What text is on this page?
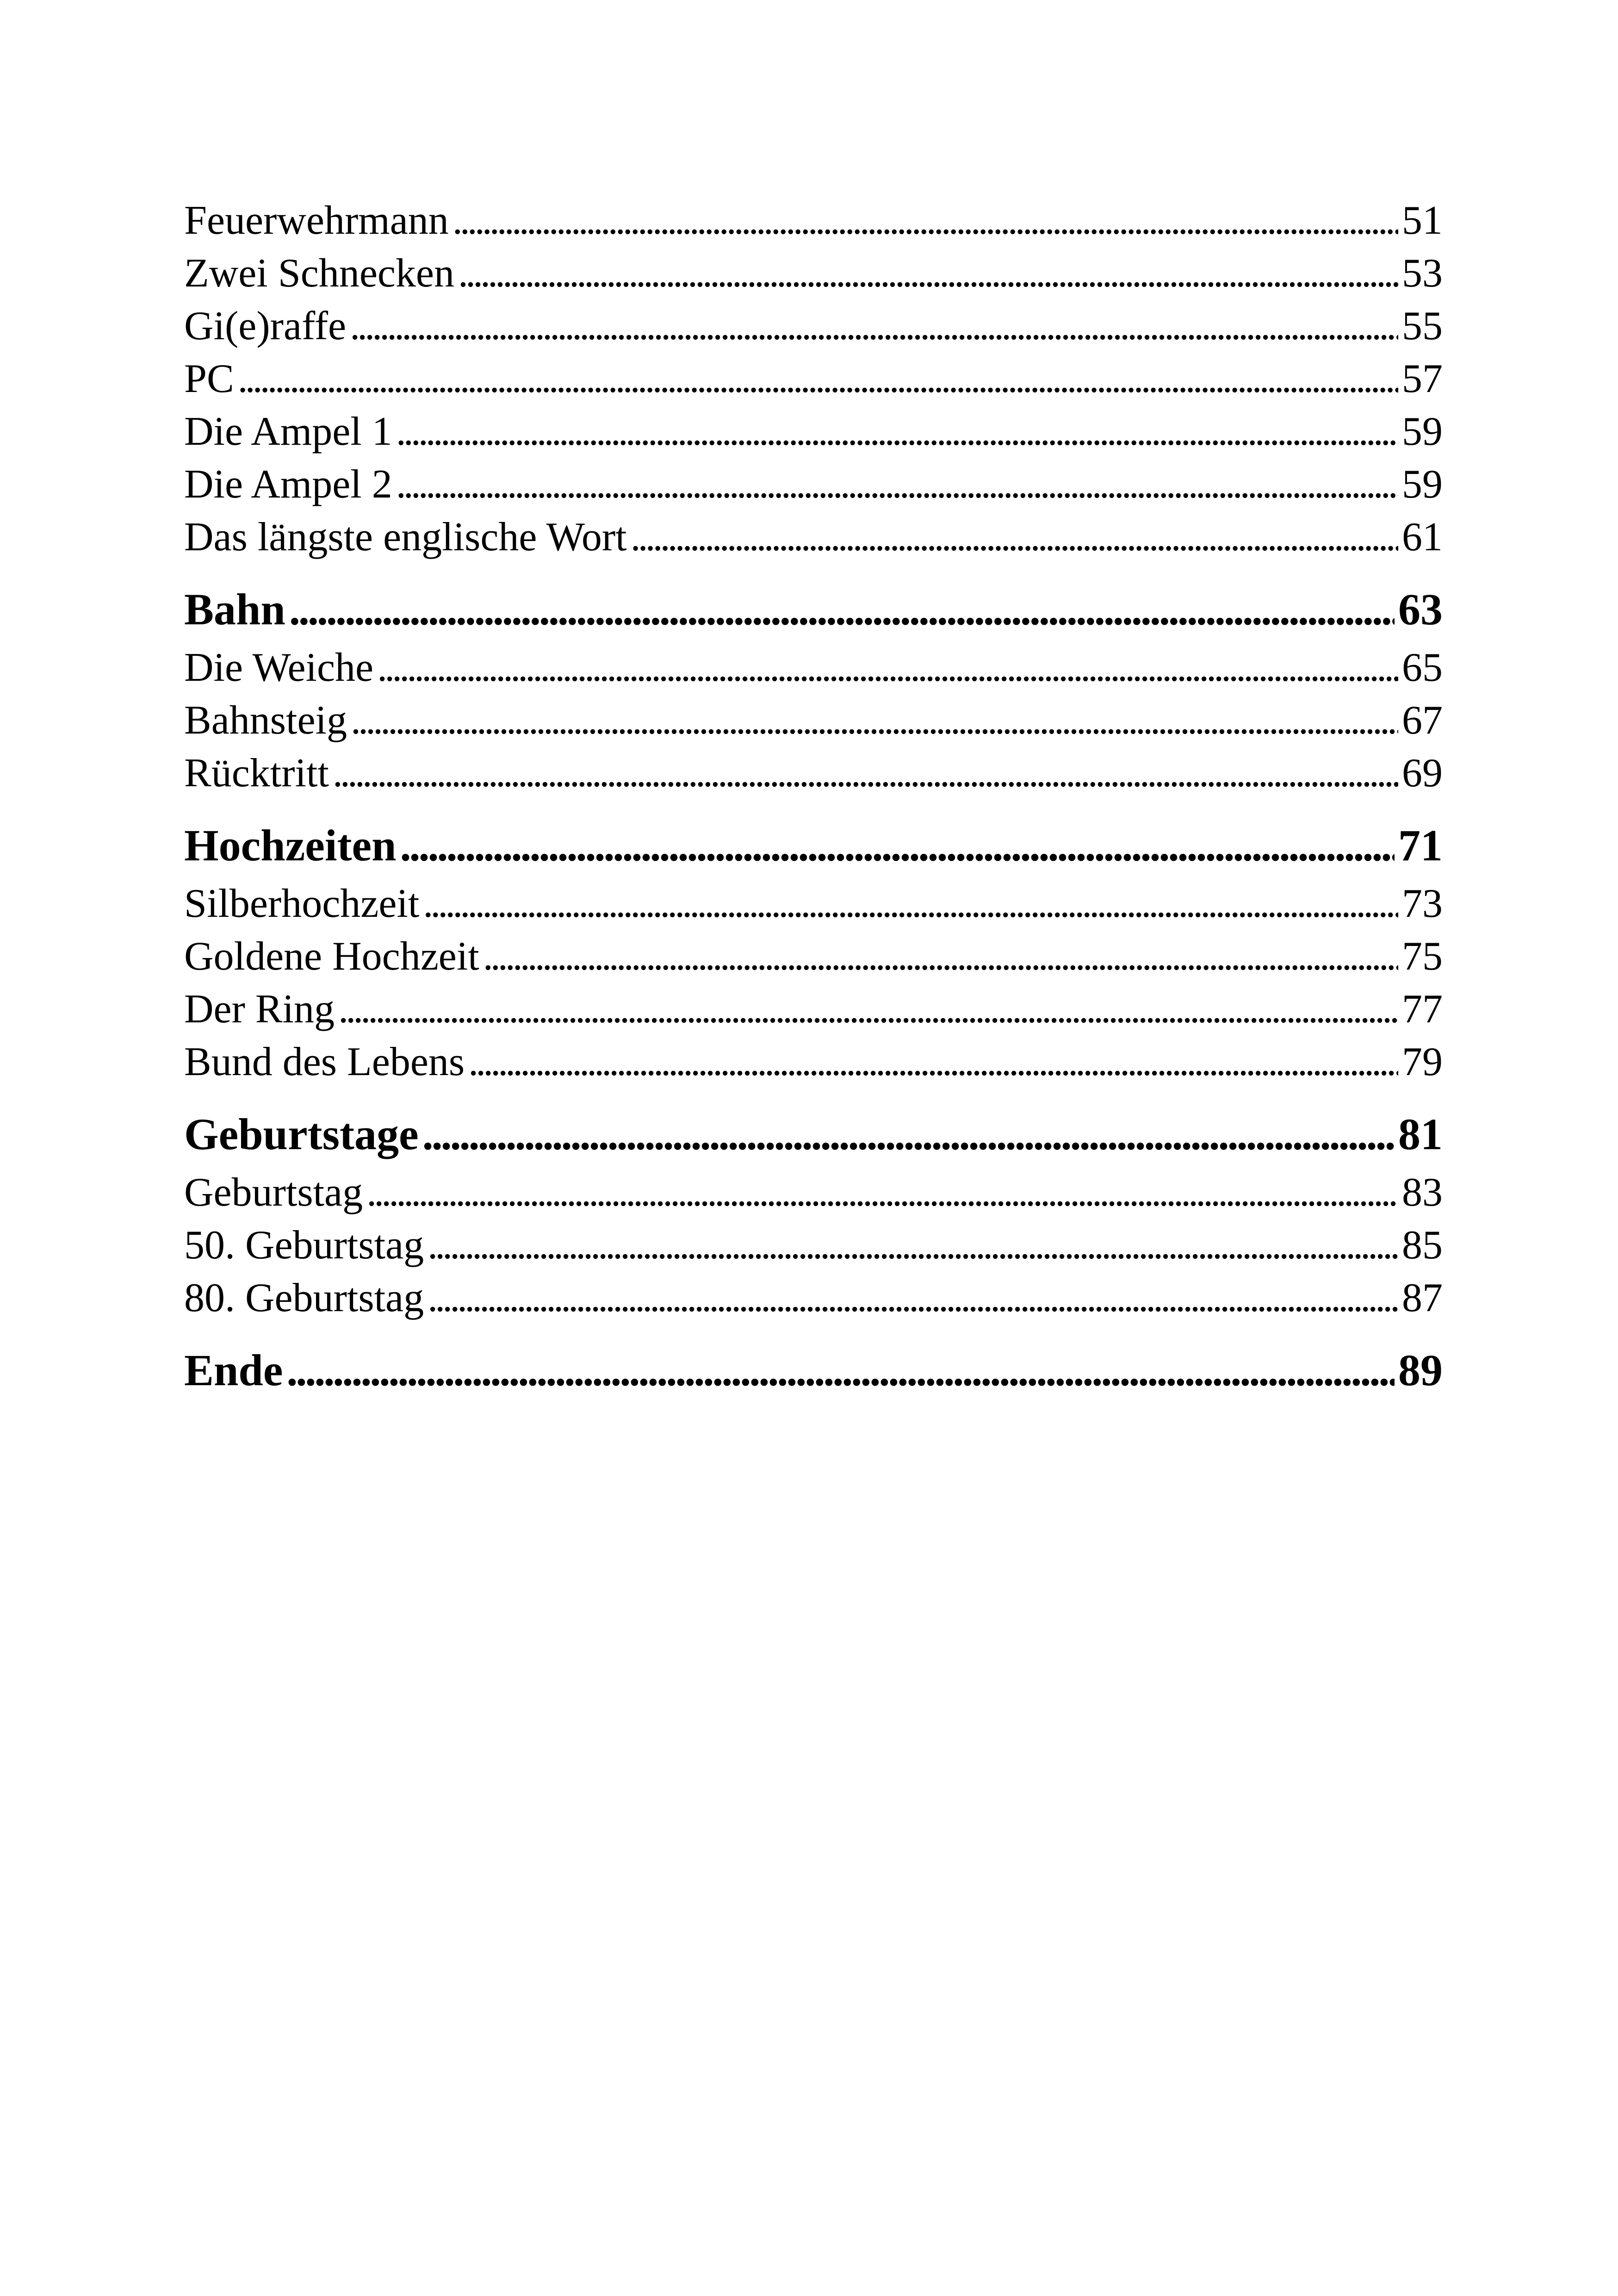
Feuerwehrmann . . .	51
Zwei Schnecken . . .	53
Gi(e)raffe . . .	55
PC . . .	57
Die Ampel 1 . . .	59
Die Ampel 2 . . .	59
Das längste englische Wort . . .	61
Bahn . . .	63
Die Weiche . . .	65
Bahnsteig . . .	67
Rücktritt . . .	69
Hochzeiten . . .	71
Silberhochzeit . . .	73
Goldene Hochzeit . . .	75
Der Ring . . .	77
Bund des Lebens . . .	79
Geburtstage . . .	81
Geburtstag . . .	83
50. Geburtstag . . .	85
80. Geburtstag . . .	87
Ende . . .	89
